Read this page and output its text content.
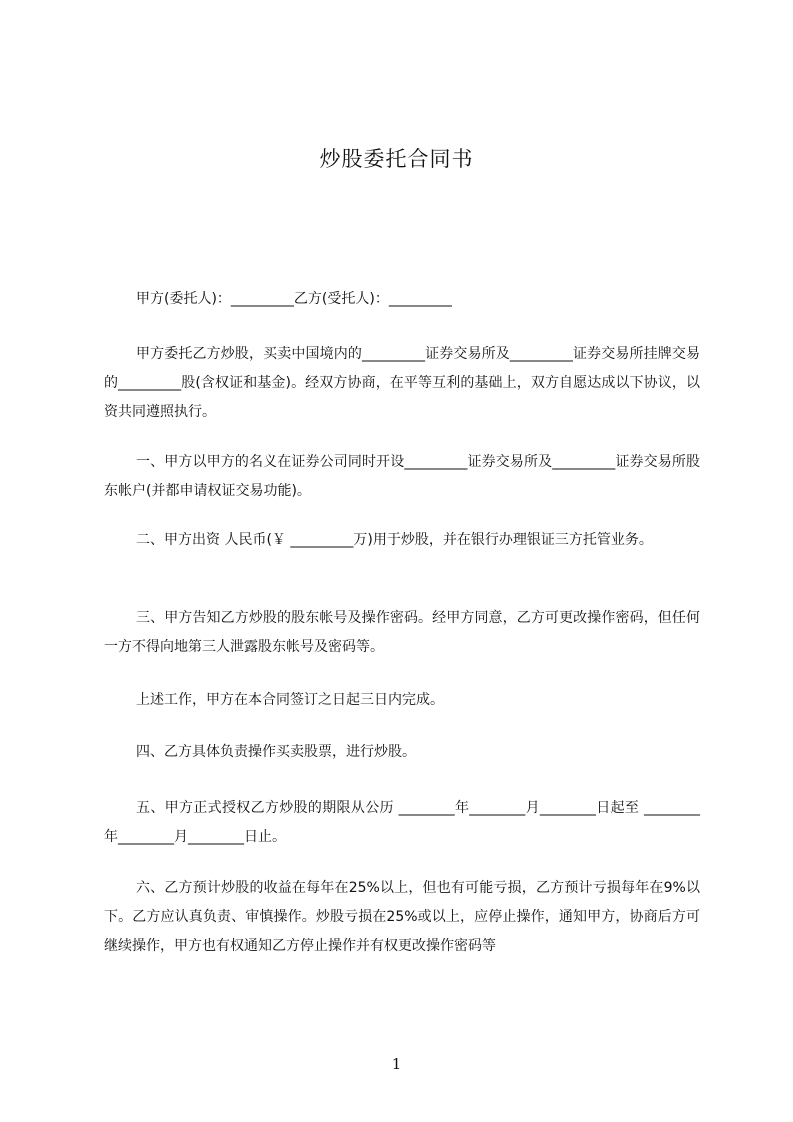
炒股委托合同书
甲方(委托人)：_________乙方(受托人)：_________
甲方委托乙方炒股，买卖中国境内的_________证券交易所及_________证券交易所挂牌交易的_________股(含权证和基金)。经双方协商，在平等互利的基础上，双方自愿达成以下协议，以资共同遵照执行。
一、甲方以甲方的名义在证券公司同时开设_________证券交易所及_________证券交易所股东帐户(并都申请权证交易功能)。
二、甲方出资 人民币(￥ _________万)用于炒股，并在银行办理银证三方托管业务。
三、甲方告知乙方炒股的股东帐号及操作密码。经甲方同意，乙方可更改操作密码，但任何一方不得向地第三人泄露股东帐号及密码等。
上述工作，甲方在本合同签订之日起三日内完成。
四、乙方具体负责操作买卖股票，进行炒股。
五、甲方正式授权乙方炒股的期限从公历 ________年________月________日起至 ________年________月________日止。
六、乙方预计炒股的收益在每年在25%以上，但也有可能亏损，乙方预计亏损每年在9%以下。乙方应认真负责、审慎操作。炒股亏损在25%或以上，应停止操作，通知甲方，协商后方可继续操作，甲方也有权通知乙方停止操作并有权更改操作密码等
1
